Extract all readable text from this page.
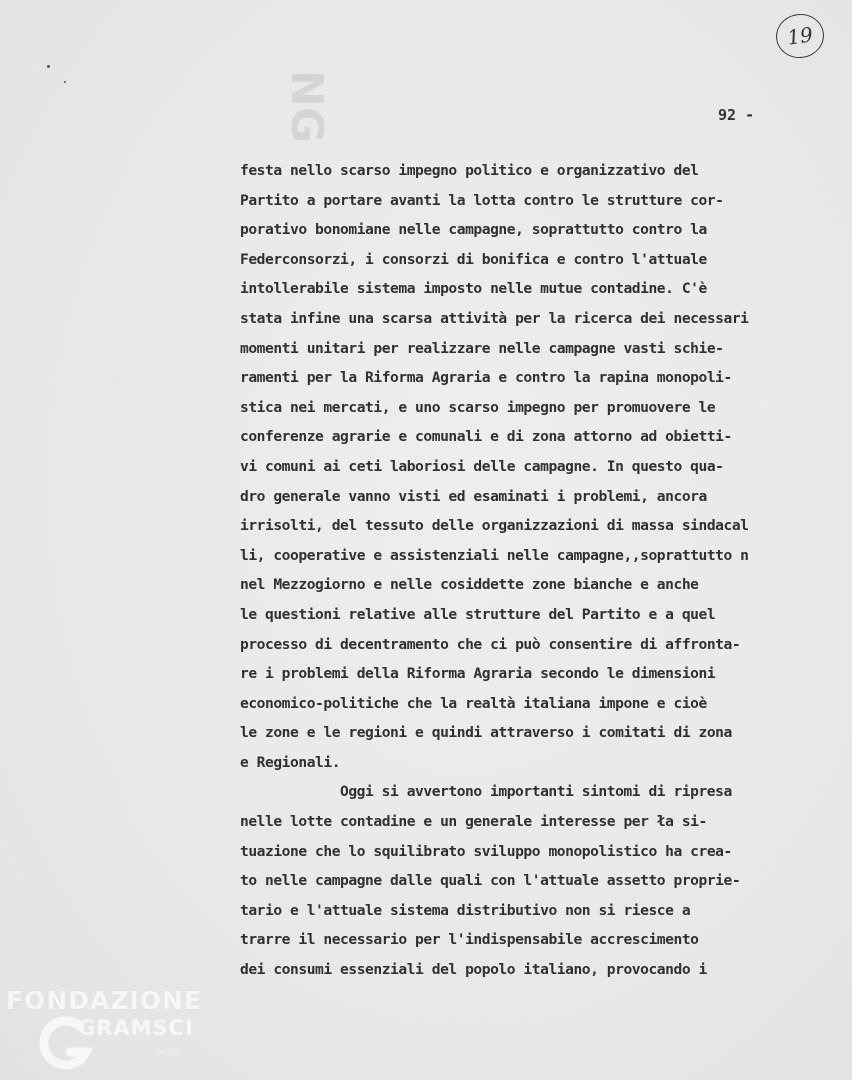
NG
19
92 -
festa nello scarso impegno politico e organizzativo del
Partito a portare avanti la lotta contro le strutture cor-
porativo bonomiane nelle campagne, soprattutto contro la
Federconsorzi, i consorzi di bonifica e contro l'attuale
intollerabile sistema imposto nelle mutue contadine. C'è
stata infine una scarsa attività per la ricerca dei necessari
momenti unitari per realizzare nelle campagne vasti schie-
ramenti per la Riforma Agraria e contro la rapina monopoli-
stica nei mercati, e uno scarso impegno per promuovere le
conferenze agrarie e comunali e di zona attorno ad obietti-
vi comuni ai ceti laboriosi delle campagne. In questo qua-
dro generale vanno visti ed esaminati i problemi, ancora
irrisolti, del tessuto delle organizzazioni di massa sindacal
li, cooperative e assistenziali nelle campagne,,soprattutto n
nel Mezzogiorno e nelle cosiddette zone bianche e anche
le questioni relative alle strutture del Partito e a quel
processo di decentramento che ci può consentire di affronta-
re i problemi della Riforma Agraria secondo le dimensioni
economico-politiche che la realtà italiana impone e cioè
le zone e le regioni e quindi attraverso i comitati di zona
e Regionali.
Oggi si avvertono importanti sintomi di ripresa
nelle lotte contadine e un generale interesse per ła si-
tuazione che lo squilibrato sviluppo monopolistico ha crea-
to nelle campagne dalle quali con l'attuale assetto proprie-
tario e l'attuale sistema distributivo non si riesce a
trarre il necessario per l'indispensabile accrescimento
dei consumi essenziali del popolo italiano, provocando i
FONDAZIONE
GRAMSCI
onlus
